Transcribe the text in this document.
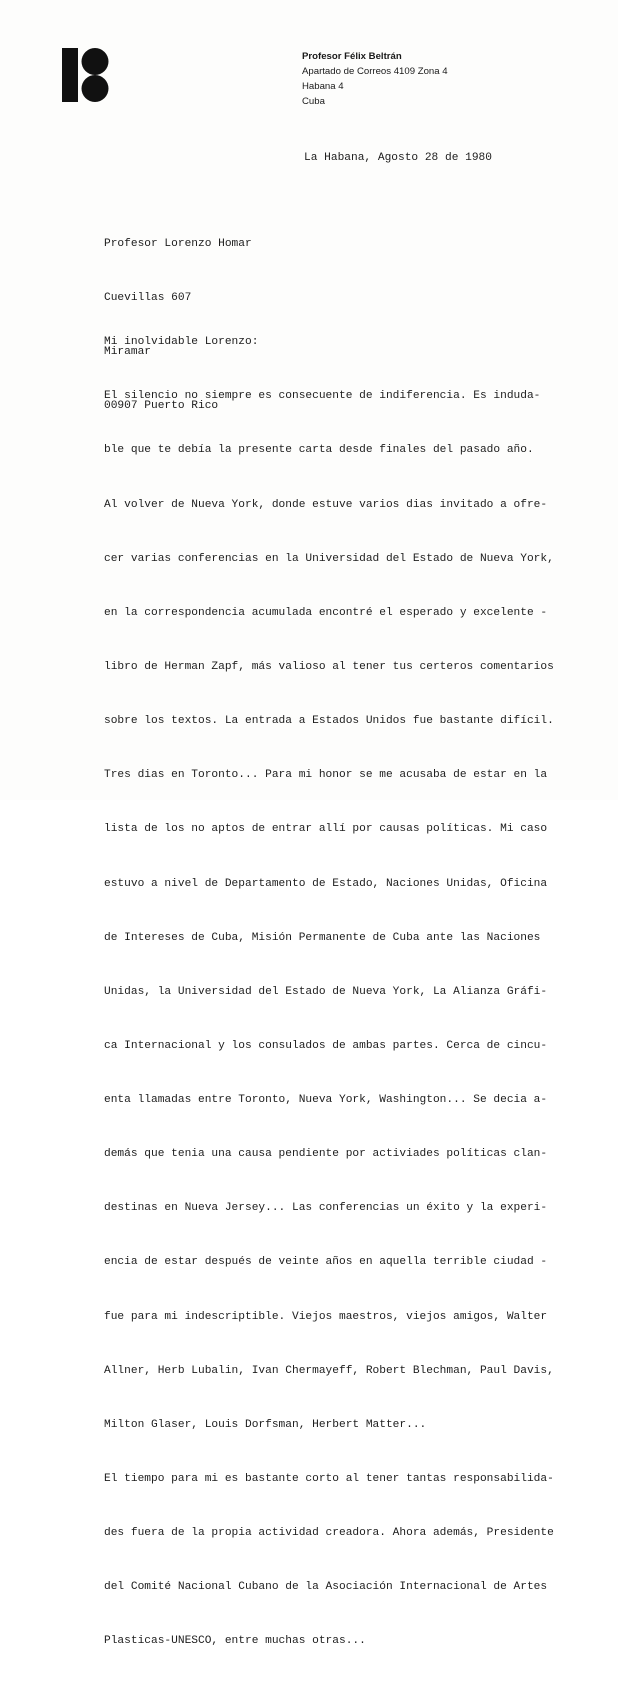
Profesor Félix Beltrán
Apartado de Correos 4109 Zona 4
Habana 4
Cuba
La Habana, Agosto 28 de 1980

Profesor Lorenzo Homar

Cuevillas 607

Miramar

00907 Puerto Rico

Mi inolvidable Lorenzo:

El silencio no siempre es consecuente de indiferencia. Es induda-

ble que te debía la presente carta desde finales del pasado año.

Al volver de Nueva York, donde estuve varios dias invitado a ofre-

cer varias conferencias en la Universidad del Estado de Nueva York,

en la correspondencia acumulada encontré el esperado y excelente -

libro de Herman Zapf, más valioso al tener tus certeros comentarios

sobre los textos. La entrada a Estados Unidos fue bastante difícil.

Tres dias en Toronto... Para mi honor se me acusaba de estar en la

lista de los no aptos de entrar allí por causas políticas. Mi caso

estuvo a nivel de Departamento de Estado, Naciones Unidas, Oficina

de Intereses de Cuba, Misión Permanente de Cuba ante las Naciones

Unidas, la Universidad del Estado de Nueva York, La Alianza Gráfi-

ca Internacional y los consulados de ambas partes. Cerca de cincu-

enta llamadas entre Toronto, Nueva York, Washington... Se decia a-

demás que tenia una causa pendiente por activiades políticas clan-

destinas en Nueva Jersey... Las conferencias un éxito y la experi-

encia de estar después de veinte años en aquella terrible ciudad -

fue para mi indescriptible. Viejos maestros, viejos amigos, Walter

Allner, Herb Lubalin, Ivan Chermayeff, Robert Blechman, Paul Davis,

Milton Glaser, Louis Dorfsman, Herbert Matter...

El tiempo para mi es bastante corto al tener tantas responsabilida-

des fuera de la propia actividad creadora. Ahora además, Presidente

del Comité Nacional Cubano de la Asociación Internacional de Artes

Plasticas-UNESCO, entre muchas otras...
